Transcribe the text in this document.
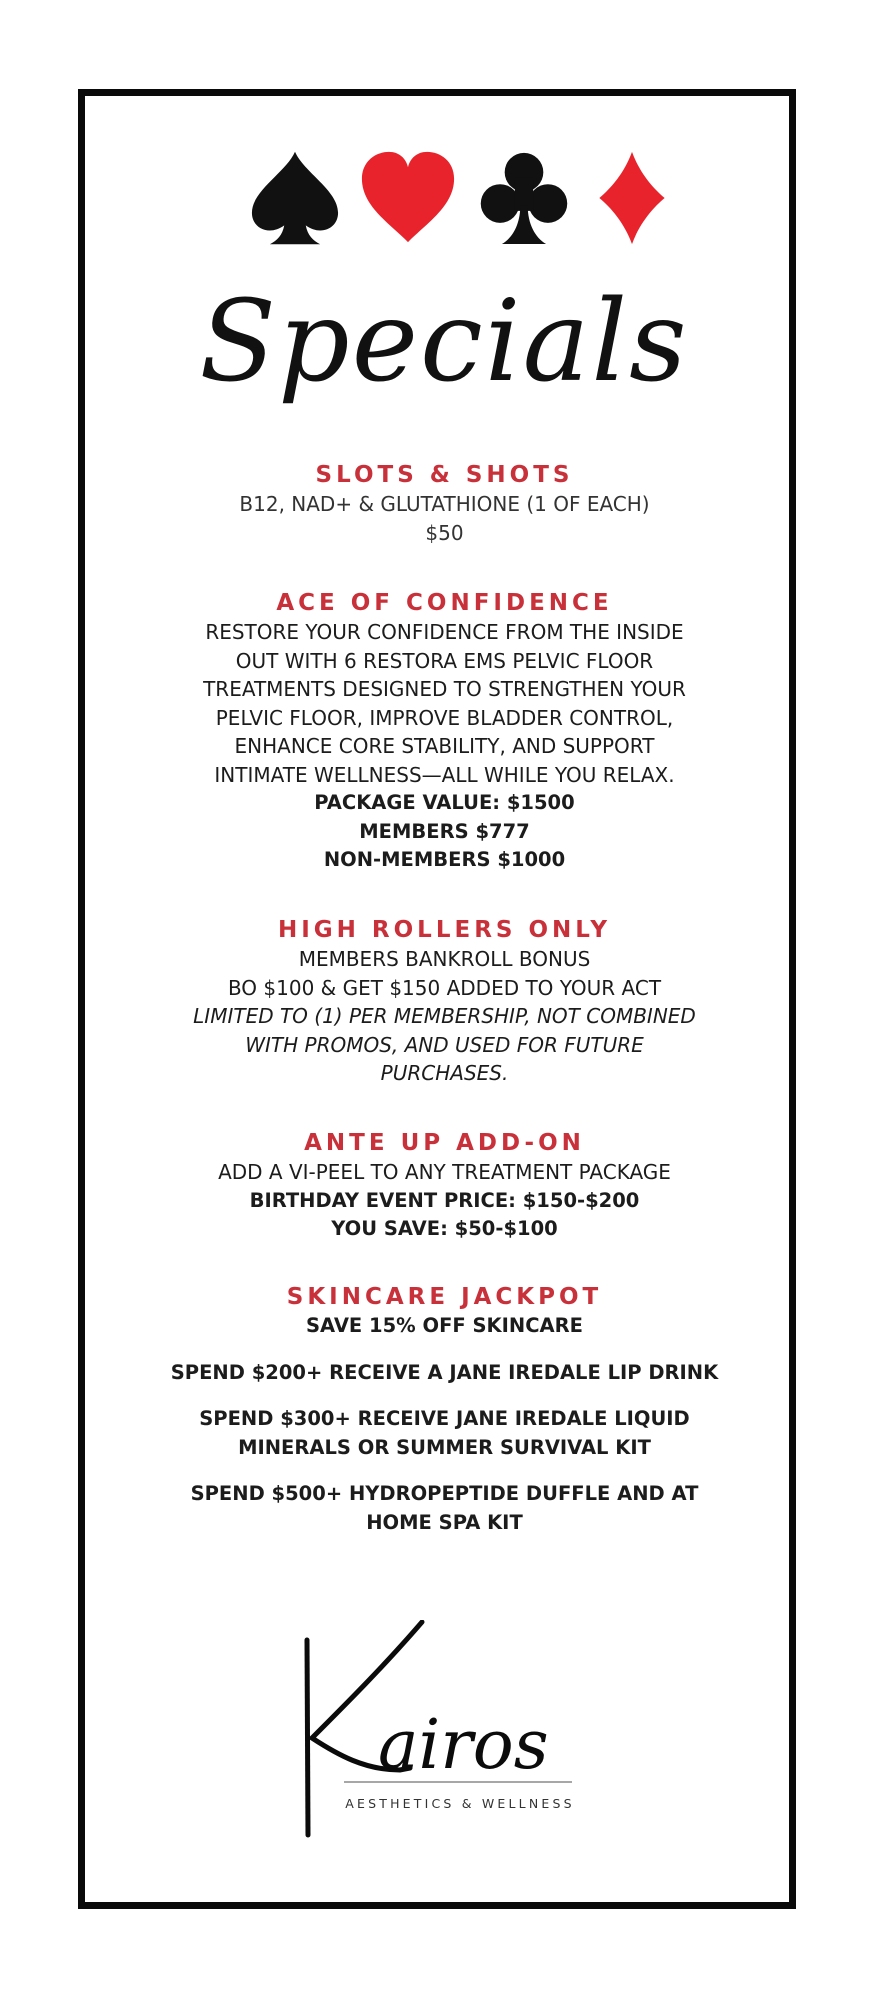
Specials
SLOTS & SHOTS
B12, NAD+ & GLUTATHIONE (1 OF EACH)
$50
ACE OF CONFIDENCE
RESTORE YOUR CONFIDENCE FROM THE INSIDE
OUT WITH 6 RESTORA EMS PELVIC FLOOR
TREATMENTS DESIGNED TO STRENGTHEN YOUR
PELVIC FLOOR, IMPROVE BLADDER CONTROL,
ENHANCE CORE STABILITY, AND SUPPORT
INTIMATE WELLNESS—ALL WHILE YOU RELAX.
PACKAGE VALUE: $1500
MEMBERS $777
NON-MEMBERS $1000
HIGH ROLLERS ONLY
MEMBERS BANKROLL BONUS
BO $100 & GET $150 ADDED TO YOUR ACT
LIMITED TO (1) PER MEMBERSHIP, NOT COMBINED
WITH PROMOS, AND USED FOR FUTURE
PURCHASES.
ANTE UP ADD-ON
ADD A VI-PEEL TO ANY TREATMENT PACKAGE
BIRTHDAY EVENT PRICE: $150-$200
YOU SAVE: $50-$100
SKINCARE JACKPOT
SAVE 15% OFF SKINCARE
SPEND $200+ RECEIVE A JANE IREDALE LIP DRINK
SPEND $300+ RECEIVE JANE IREDALE LIQUID
MINERALS OR SUMMER SURVIVAL KIT
SPEND $500+ HYDROPEPTIDE DUFFLE AND AT
HOME SPA KIT
airos
AESTHETICS & WELLNESS
